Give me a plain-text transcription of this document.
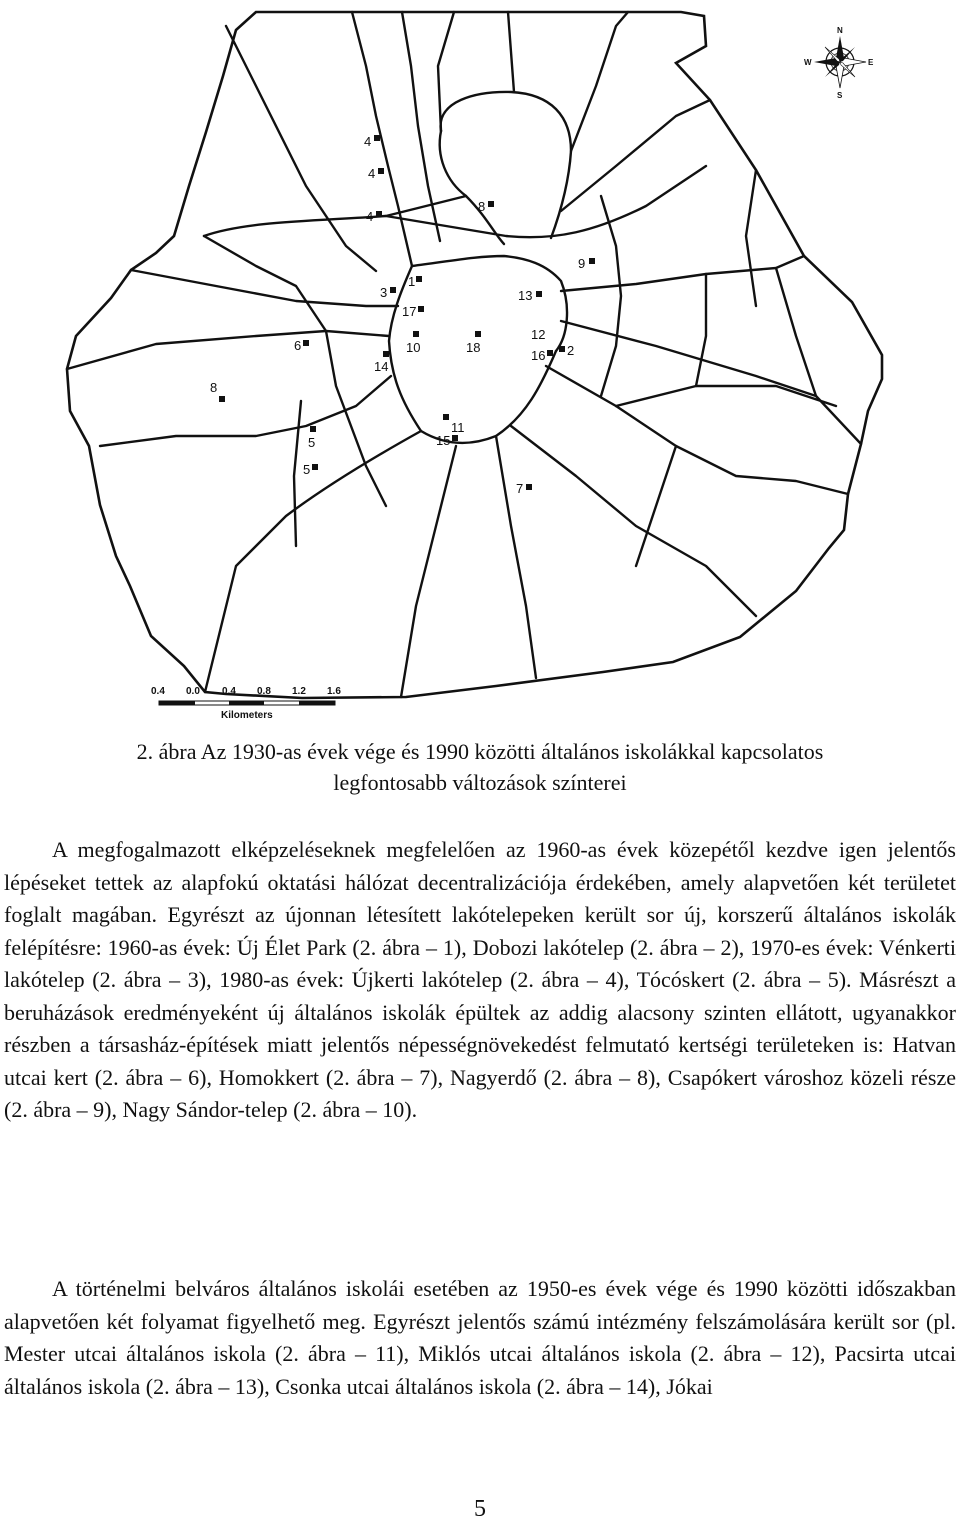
4
4
4
8
9
1
3
17
13
12
2
16
18
10
14
6
8
5
5
11
15
7
N
S
E
W
0.4 0.0 0.4 0.8 1.2 1.6
Kilometers
2. ábra Az 1930-as évek vége és 1990 közötti általános iskolákkal kapcsolatos
legfontosabb változások színterei

A megfogalmazott elképzeléseknek megfelelően az 1960-as évek közepétől kezdve igen jelentős lépéseket tettek az alapfokú oktatási hálózat decentralizációja érdekében, amely alapvetően két területet foglalt magában. Egyrészt az újonnan létesített lakótelepeken került sor új, korszerű általános iskolák felépítésre: 1960-as évek: Új Élet Park (2. ábra – 1), Dobozi lakótelep (2. ábra – 2), 1970-es évek: Vénkerti lakótelep (2. ábra – 3), 1980-as évek: Újkerti lakótelep (2. ábra – 4), Tócóskert (2. ábra – 5). Másrészt a beruházások eredményeként új általános iskolák épültek az addig alacsony szinten ellátott, ugyanakkor részben a társasház-építések miatt jelentős népességnövekedést felmutató kertségi területeken is: Hatvan utcai kert (2. ábra – 6), Homokkert (2. ábra – 7), Nagyerdő (2. ábra – 8), Csapókert városhoz közeli része (2. ábra – 9), Nagy Sándor-telep (2. ábra – 10).

A történelmi belváros általános iskolái esetében az 1950-es évek vége és 1990 közötti időszakban alapvetően két folyamat figyelhető meg. Egyrészt jelentős számú intézmény felszámolására került sor (pl. Mester utcai általános iskola (2. ábra – 11), Miklós utcai általános iskola (2. ábra – 12), Pacsirta utcai általános iskola (2. ábra – 13), Csonka utcai általános iskola (2. ábra – 14), Jókai

5
